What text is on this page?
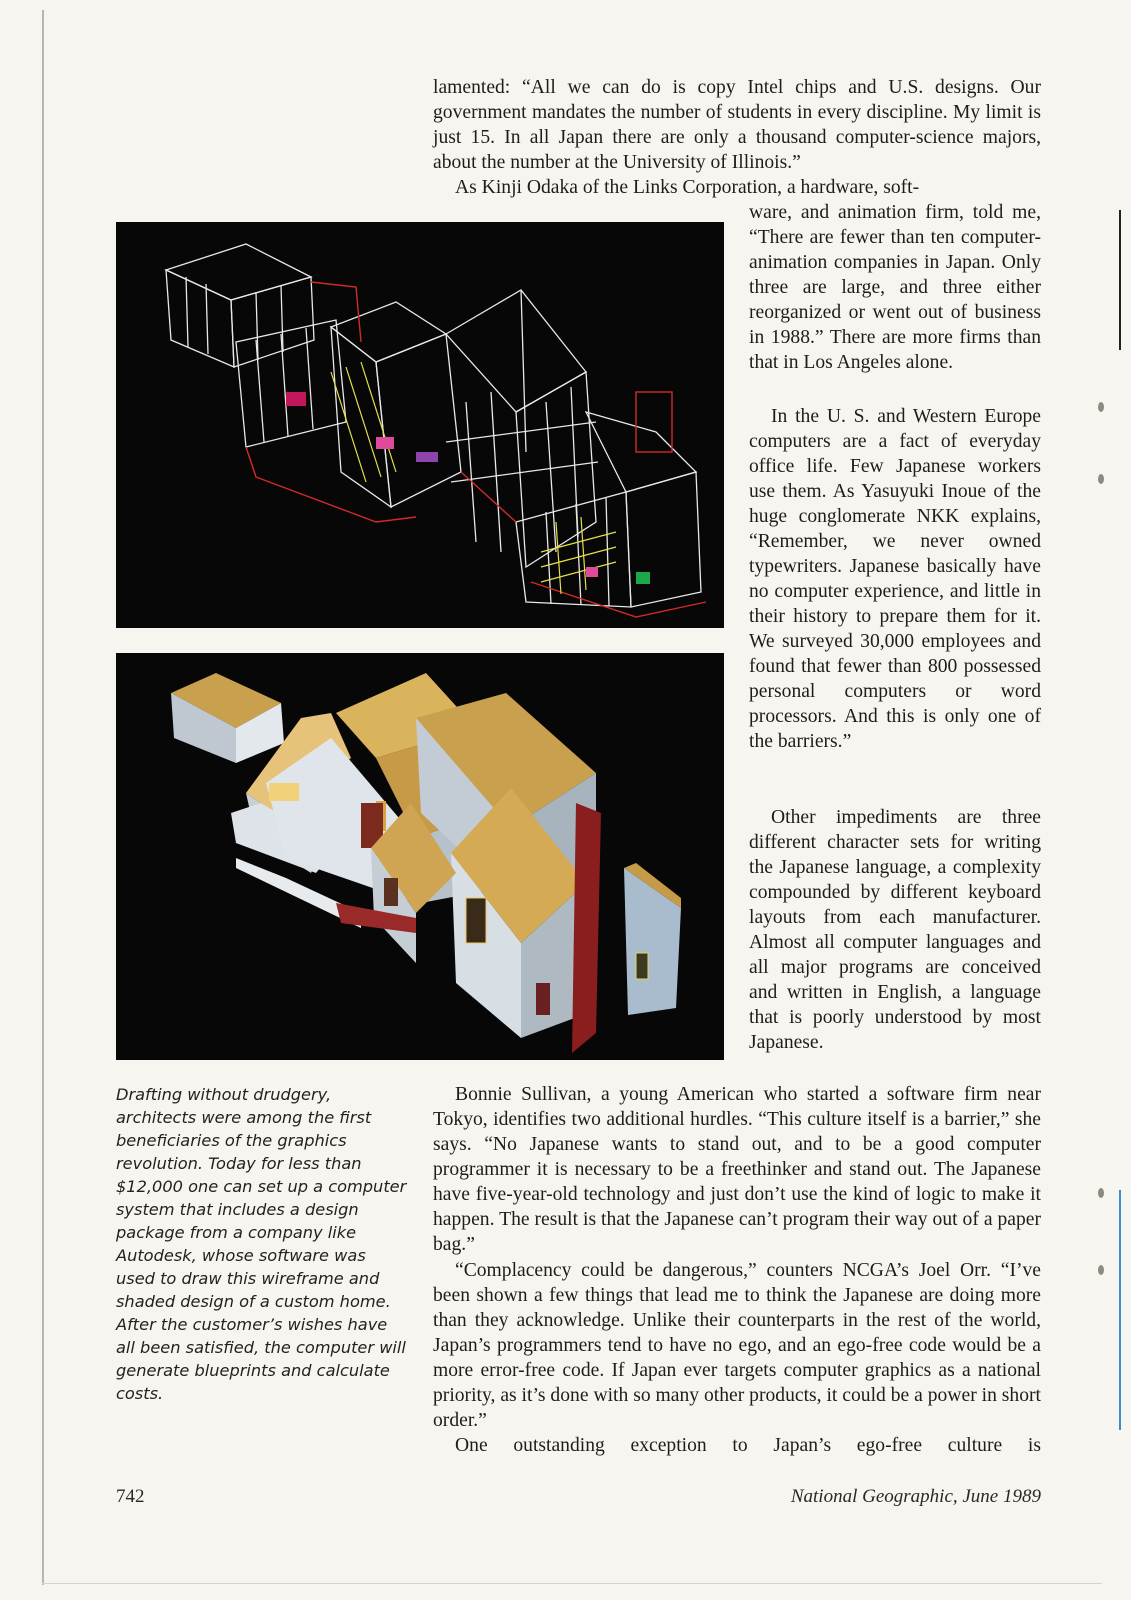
lamented: “All we can do is copy Intel chips and U.S. designs. Our government mandates the number of students in every discipline. My limit is just 15. In all Japan there are only a thousand computer-science majors, about the number at the University of Illinois.”

As Kinji Odaka of the Links Corporation, a hardware, soft-

ware, and animation firm, told me, “There are fewer than ten computer-animation companies in Japan. Only three are large, and three either reorganized or went out of business in 1988.” There are more firms than that in Los Angeles alone.

In the U. S. and Western Europe computers are a fact of everyday office life. Few Japanese workers use them. As Yasuyuki Inoue of the huge conglomerate NKK explains, “Remember, we never owned typewriters. Japanese basically have no computer experience, and little in their history to prepare them for it. We surveyed 30,000 employees and found that fewer than 800 possessed personal computers or word processors. And this is only one of the barriers.”

Other impediments are three different character sets for writing the Japanese language, a complexity compounded by different keyboard layouts from each manufacturer. Almost all computer languages and all major programs are conceived and written in English, a language that is poorly understood by most Japanese.

Bonnie Sullivan, a young American who started a software firm near Tokyo, identifies two additional hurdles. “This culture itself is a barrier,” she says. “No Japanese wants to stand out, and to be a good computer programmer it is necessary to be a freethinker and stand out. The Japanese have five-year-old technology and just don’t use the kind of logic to make it happen. The result is that the Japanese can’t program their way out of a paper bag.”

“Complacency could be dangerous,” counters NCGA’s Joel Orr. “I’ve been shown a few things that lead me to think the Japanese are doing more than they acknowledge. Unlike their counterparts in the rest of the world, Japan’s programmers tend to have no ego, and an ego-free code would be a more error-free code. If Japan ever targets computer graphics as a national priority, as it’s done with so many other products, it could be a power in short order.”

One outstanding exception to Japan’s ego-free culture is

Drafting without drudgery, architects were among the first beneficiaries of the graphics revolution. Today for less than $12,000 one can set up a computer system that includes a design package from a company like Autodesk, whose software was used to draw this wireframe and shaded design of a custom home. After the customer’s wishes have all been satisfied, the computer will generate blueprints and calculate costs.

742	National Geographic, June 1989
